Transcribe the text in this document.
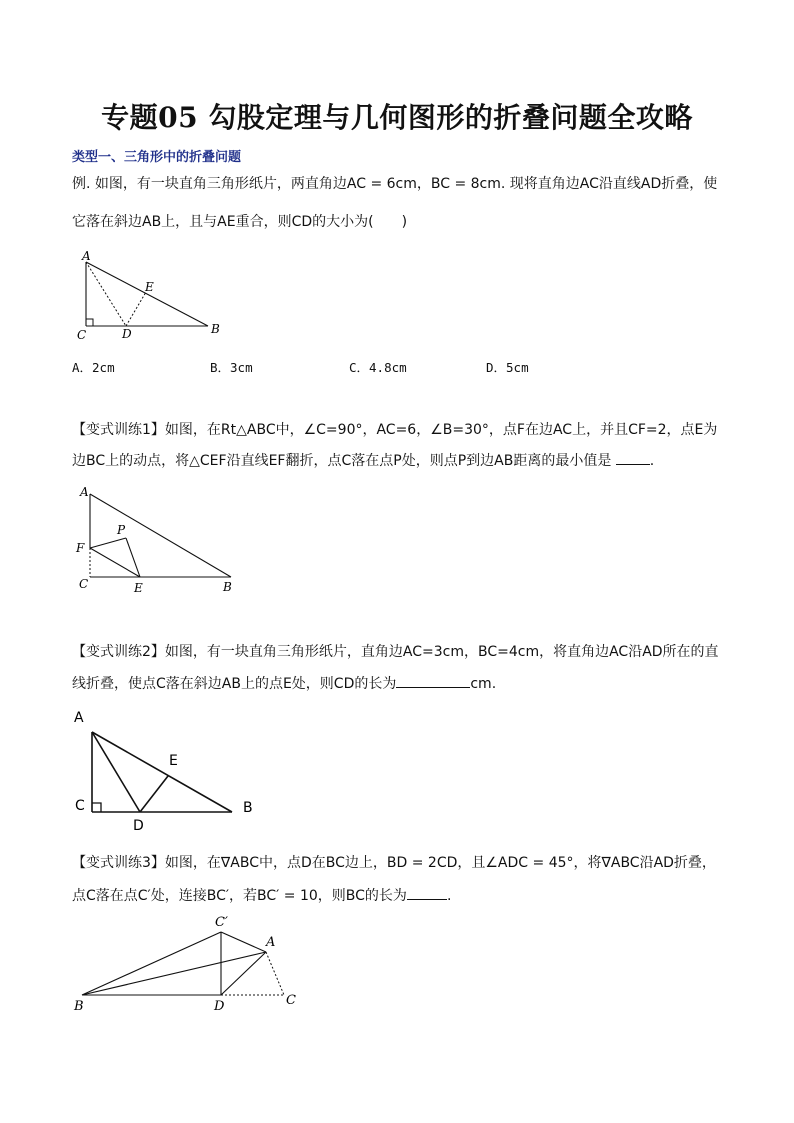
专题05 勾股定理与几何图形的折叠问题全攻略
类型一、三角形中的折叠问题
例. 如图，有一块直角三角形纸片，两直角边AC = 6cm，BC = 8cm. 现将直角边AC沿直线AD折叠，使
它落在斜边AB上，且与AE重合，则CD的大小为(　　)
A
E
C	D	B
A．2cm	B．3cm	C．4.8cm	D．5cm
【变式训练1】如图，在Rt△ABC中，∠C=90°，AC=6，∠B=30°，点F在边AC上，并且CF=2，点E为
边BC上的动点，将△CEF沿直线EF翻折，点C落在点P处，则点P到边AB距离的最小值是	.
A
P
F
C	E	B
【变式训练2】如图，有一块直角三角形纸片，直角边AC=3cm，BC=4cm，将直角边AC沿AD所在的直
线折叠，使点C落在斜边AB上的点E处，则CD的长为	cm.
A
E
C
D
B
【变式训练3】如图，在∇ABC中，点D在BC边上，BD = 2CD，且∠ADC = 45°，将∇ABC沿AD折叠，
点C落在点C′处，连接BC′，若BC′ = 10，则BC的长为	.
C′
A
B	D	C
